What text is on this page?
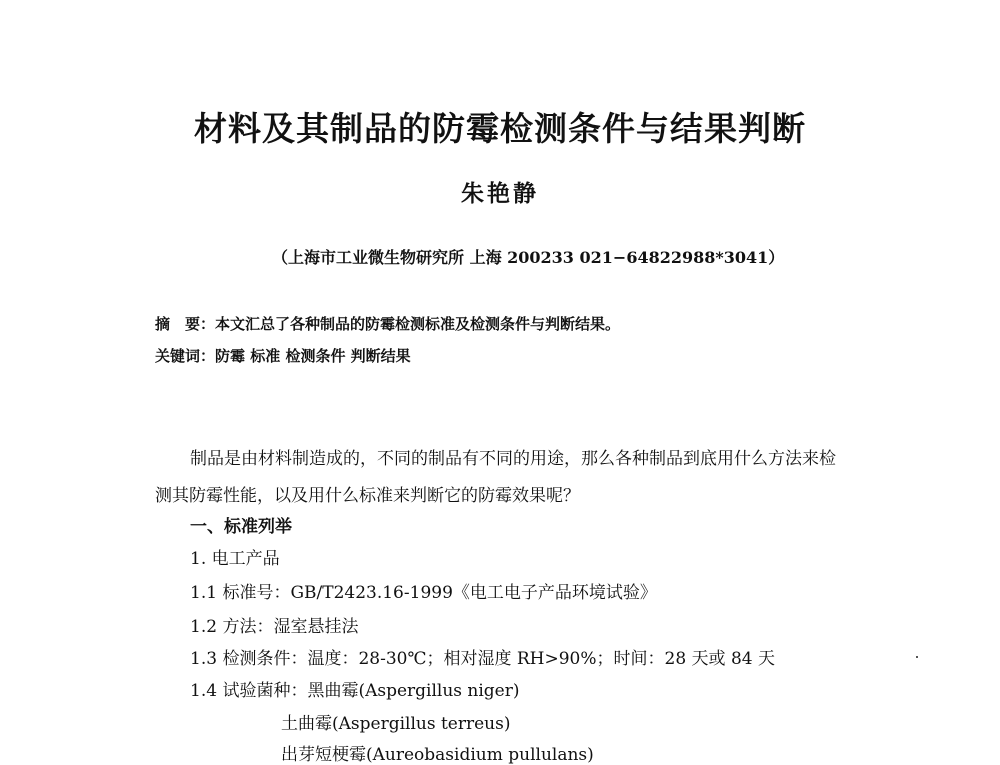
材料及其制品的防霉检测条件与结果判断
朱艳静
（上海市工业微生物研究所 上海 200233 021−64822988*3041）
摘　要：本文汇总了各种制品的防霉检测标准及检测条件与判断结果。
关键词：防霉 标准 检测条件 判断结果
制品是由材料制造成的，不同的制品有不同的用途，那么各种制品到底用什么方法来检
测其防霉性能，以及用什么标准来判断它的防霉效果呢？
一、标准列举
1. 电工产品
1.1 标准号：GB/T2423.16-1999《电工电子产品环境试验》
1.2 方法：湿室悬挂法
1.3 检测条件：温度：28-30℃；相对湿度 RH>90%；时间：28 天或 84 天
1.4 试验菌种：黑曲霉(Aspergillus niger)
土曲霉(Aspergillus terreus)
出芽短梗霉(Aureobasidium pullulans)
